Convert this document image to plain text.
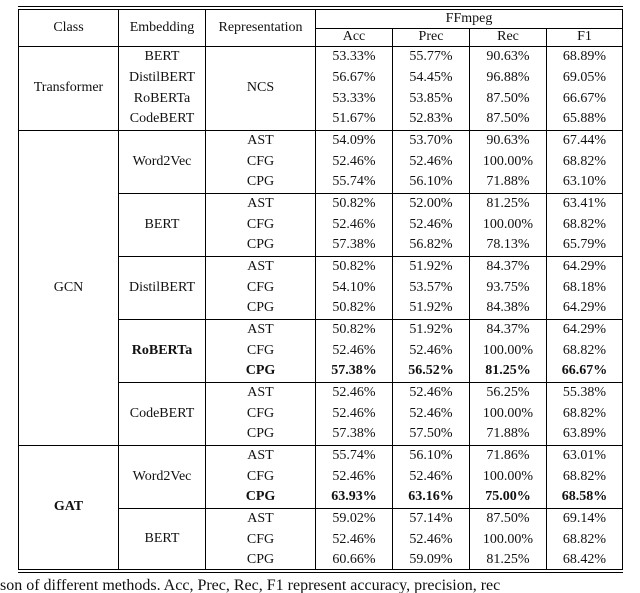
Class	Embedding	Representation	FFmpeg			
			Acc	Prec	Rec	F1
Transformer	BERT	NCS	53.33%	55.77%	90.63%	68.89%
	DistilBERT		56.67%	54.45%	96.88%	69.05%
	RoBERTa		53.33%	53.85%	87.50%	66.67%
	CodeBERT		51.67%	52.83%	87.50%	65.88%
GCN	Word2Vec	AST	54.09%	53.70%	90.63%	67.44%
		CFG	52.46%	52.46%	100.00%	68.82%
		CPG	55.74%	56.10%	71.88%	63.10%
	BERT	AST	50.82%	52.00%	81.25%	63.41%
		CFG	52.46%	52.46%	100.00%	68.82%
		CPG	57.38%	56.82%	78.13%	65.79%
	DistilBERT	AST	50.82%	51.92%	84.37%	64.29%
		CFG	54.10%	53.57%	93.75%	68.18%
		CPG	50.82%	51.92%	84.38%	64.29%
	RoBERTa	AST	50.82%	51.92%	84.37%	64.29%
		CFG	52.46%	52.46%	100.00%	68.82%
		CPG	57.38%	56.52%	81.25%	66.67%
	CodeBERT	AST	52.46%	52.46%	56.25%	55.38%
		CFG	52.46%	52.46%	100.00%	68.82%
		CPG	57.38%	57.50%	71.88%	63.89%
GAT	Word2Vec	AST	55.74%	56.10%	71.86%	63.01%
		CFG	52.46%	52.46%	100.00%	68.82%
		CPG	63.93%	63.16%	75.00%	68.58%
	BERT	AST	59.02%	57.14%	87.50%	69.14%
		CFG	52.46%	52.46%	100.00%	68.82%
		CPG	60.66%	59.09%	81.25%	68.42%
son of different methods. Acc, Prec, Rec, F1 represent accuracy, precision, rec
